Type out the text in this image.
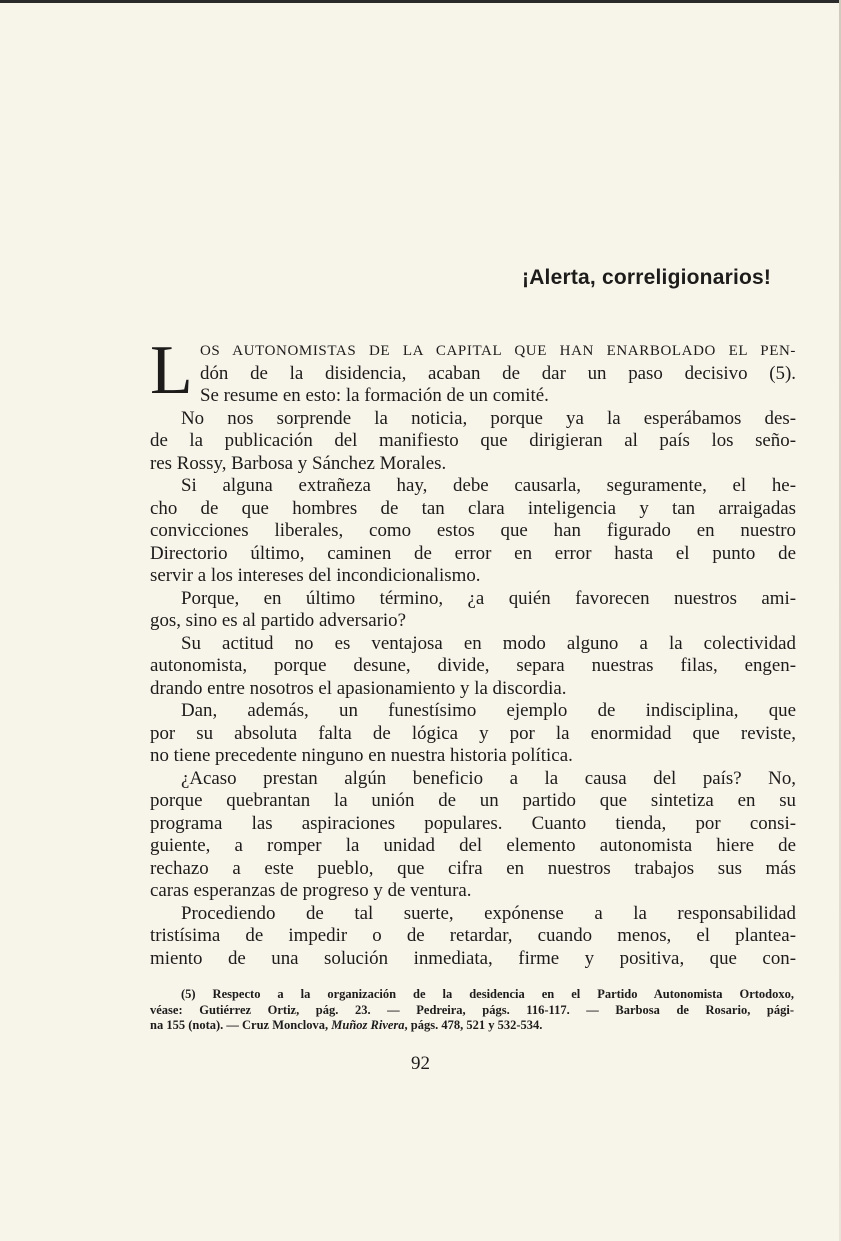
¡Alerta, correligionarios!
L OS AUTONOMISTAS DE LA CAPITAL QUE HAN ENARBOLADO EL PEN-
dón de la disidencia, acaban de dar un paso decisivo (5).
Se resume en esto: la formación de un comité.
No nos sorprende la noticia, porque ya la esperábamos des-
de la publicación del manifiesto que dirigieran al país los seño-
res Rossy, Barbosa y Sánchez Morales.
Si alguna extrañeza hay, debe causarla, seguramente, el he-
cho de que hombres de tan clara inteligencia y tan arraigadas
convicciones liberales, como estos que han figurado en nuestro
Directorio último, caminen de error en error hasta el punto de
servir a los intereses del incondicionalismo.
Porque, en último término, ¿a quién favorecen nuestros ami-
gos, sino es al partido adversario?
Su actitud no es ventajosa en modo alguno a la colectividad
autonomista, porque desune, divide, separa nuestras filas, engen-
drando entre nosotros el apasionamiento y la discordia.
Dan, además, un funestísimo ejemplo de indisciplina, que
por su absoluta falta de lógica y por la enormidad que reviste,
no tiene precedente ninguno en nuestra historia política.
¿Acaso prestan algún beneficio a la causa del país? No,
porque quebrantan la unión de un partido que sintetiza en su
programa las aspiraciones populares. Cuanto tienda, por consi-
guiente, a romper la unidad del elemento autonomista hiere de
rechazo a este pueblo, que cifra en nuestros trabajos sus más
caras esperanzas de progreso y de ventura.
Procediendo de tal suerte, expónense a la responsabilidad
tristísima de impedir o de retardar, cuando menos, el plantea-
miento de una solución inmediata, firme y positiva, que con-
(5) Respecto a la organización de la desidencia en el Partido Autonomista Ortodoxo,
véase: Gutiérrez Ortiz, pág. 23. — Pedreira, págs. 116-117. — Barbosa de Rosario, pági-
na 155 (nota). — Cruz Monclova, Muñoz Rivera, págs. 478, 521 y 532-534.
92
